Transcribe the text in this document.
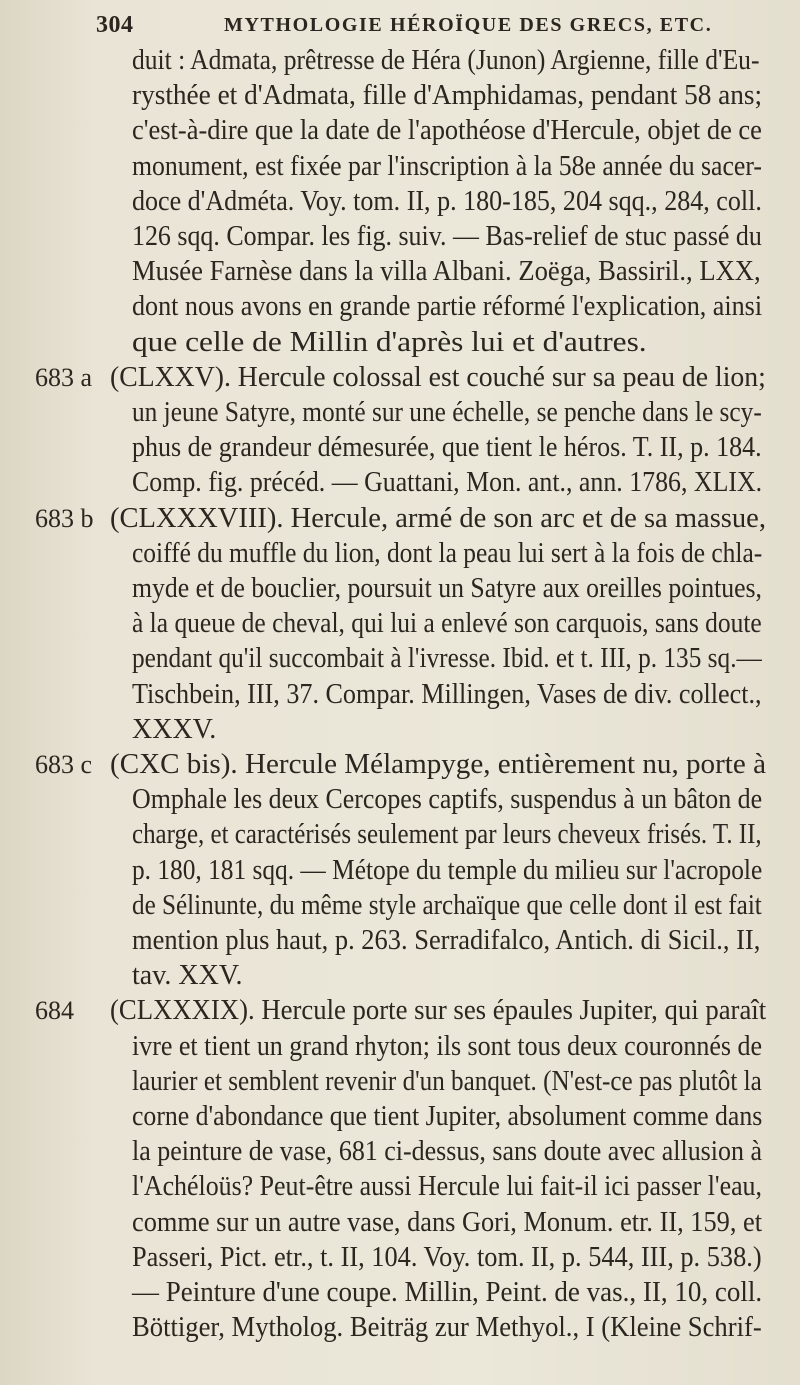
304	MYTHOLOGIE HÉROÏQUE DES GRECS, ETC.
duit : Admata, prêtresse de Héra (Junon) Argienne, fille d'Eu-
rysthée et d'Admata, fille d'Amphidamas, pendant 58 ans;
c'est-à-dire que la date de l'apothéose d'Hercule, objet de ce
monument, est fixée par l'inscription à la 58e année du sacer-
doce d'Adméta. Voy. tom. II, p. 180-185, 204 sqq., 284, coll.
126 sqq. Compar. les fig. suiv. — Bas-relief de stuc passé du
Musée Farnèse dans la villa Albani. Zoëga, Bassiril., LXX,
dont nous avons en grande partie réformé l'explication, ainsi
que celle de Millin d'après lui et d'autres.
683 a (CLXXV). Hercule colossal est couché sur sa peau de lion;
un jeune Satyre, monté sur une échelle, se penche dans le scy-
phus de grandeur démesurée, que tient le héros. T. II, p. 184.
Comp. fig. précéd. — Guattani, Mon. ant., ann. 1786, XLIX.
683 b (CLXXXVIII). Hercule, armé de son arc et de sa massue,
coiffé du muffle du lion, dont la peau lui sert à la fois de chla-
myde et de bouclier, poursuit un Satyre aux oreilles pointues,
à la queue de cheval, qui lui a enlevé son carquois, sans doute
pendant qu'il succombait à l'ivresse. Ibid. et t. III, p. 135 sq.—
Tischbein, III, 37. Compar. Millingen, Vases de div. collect.,
XXXV.
683 c (CXC bis). Hercule Mélampyge, entièrement nu, porte à
Omphale les deux Cercopes captifs, suspendus à un bâton de
charge, et caractérisés seulement par leurs cheveux frisés. T. II,
p. 180, 181 sqq. — Métope du temple du milieu sur l'acropole
de Sélinunte, du même style archaïque que celle dont il est fait
mention plus haut, p. 263. Serradifalco, Antich. di Sicil., II,
tav. XXV.
684	(CLXXXIX). Hercule porte sur ses épaules Jupiter, qui paraît
ivre et tient un grand rhyton; ils sont tous deux couronnés de
laurier et semblent revenir d'un banquet. (N'est-ce pas plutôt la
corne d'abondance que tient Jupiter, absolument comme dans
la peinture de vase, 681 ci-dessus, sans doute avec allusion à
l'Achéloüs? Peut-être aussi Hercule lui fait-il ici passer l'eau,
comme sur un autre vase, dans Gori, Monum. etr. II, 159, et
Passeri, Pict. etr., t. II, 104. Voy. tom. II, p. 544, III, p. 538.)
— Peinture d'une coupe. Millin, Peint. de vas., II, 10, coll.
Böttiger, Mytholog. Beiträg zur Methyol., I (Kleine Schrif-
